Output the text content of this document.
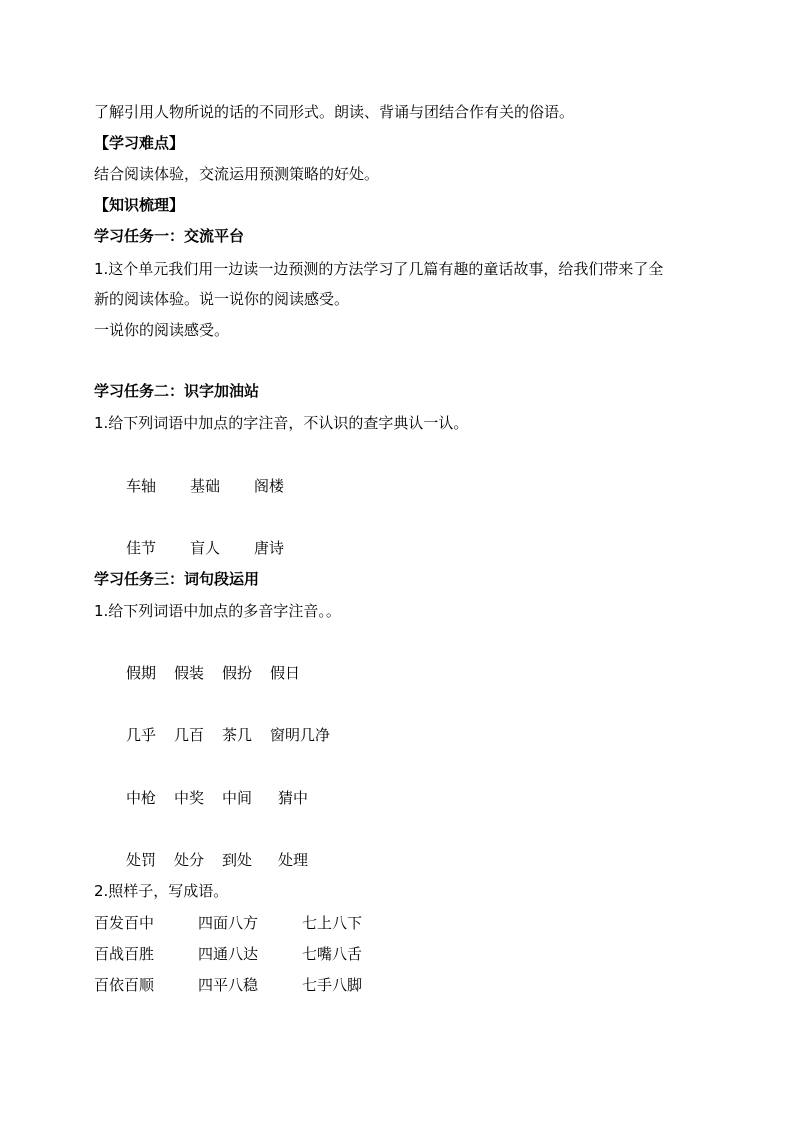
了解引用人物所说的话的不同形式。朗读、背诵与团结合作有关的俗语。
【学习难点】
结合阅读体验，交流运用预测策略的好处。
【知识梳理】
学习任务一：交流平台
1.这个单元我们用一边读一边预测的方法学习了几篇有趣的童话故事，给我们带来了全
新的阅读体验。说一说你的阅读感受。
一说你的阅读感受。
学习任务二：识字加油站
1.给下列词语中加点的字注音，不认识的查字典认一认。
车轴 基础 阁楼
佳节 盲人 唐诗
学习任务三：词句段运用
1.给下列词语中加点的多音字注音。。
假期 假装 假扮 假日
几乎 几百 茶几 窗明几净
中枪 中奖 中间 猜中
处罚 处分 到处 处理
2.照样子，写成语。
百发百中	四面八方	七上八下
百战百胜	四通八达	七嘴八舌
百依百顺	四平八稳	七手八脚
